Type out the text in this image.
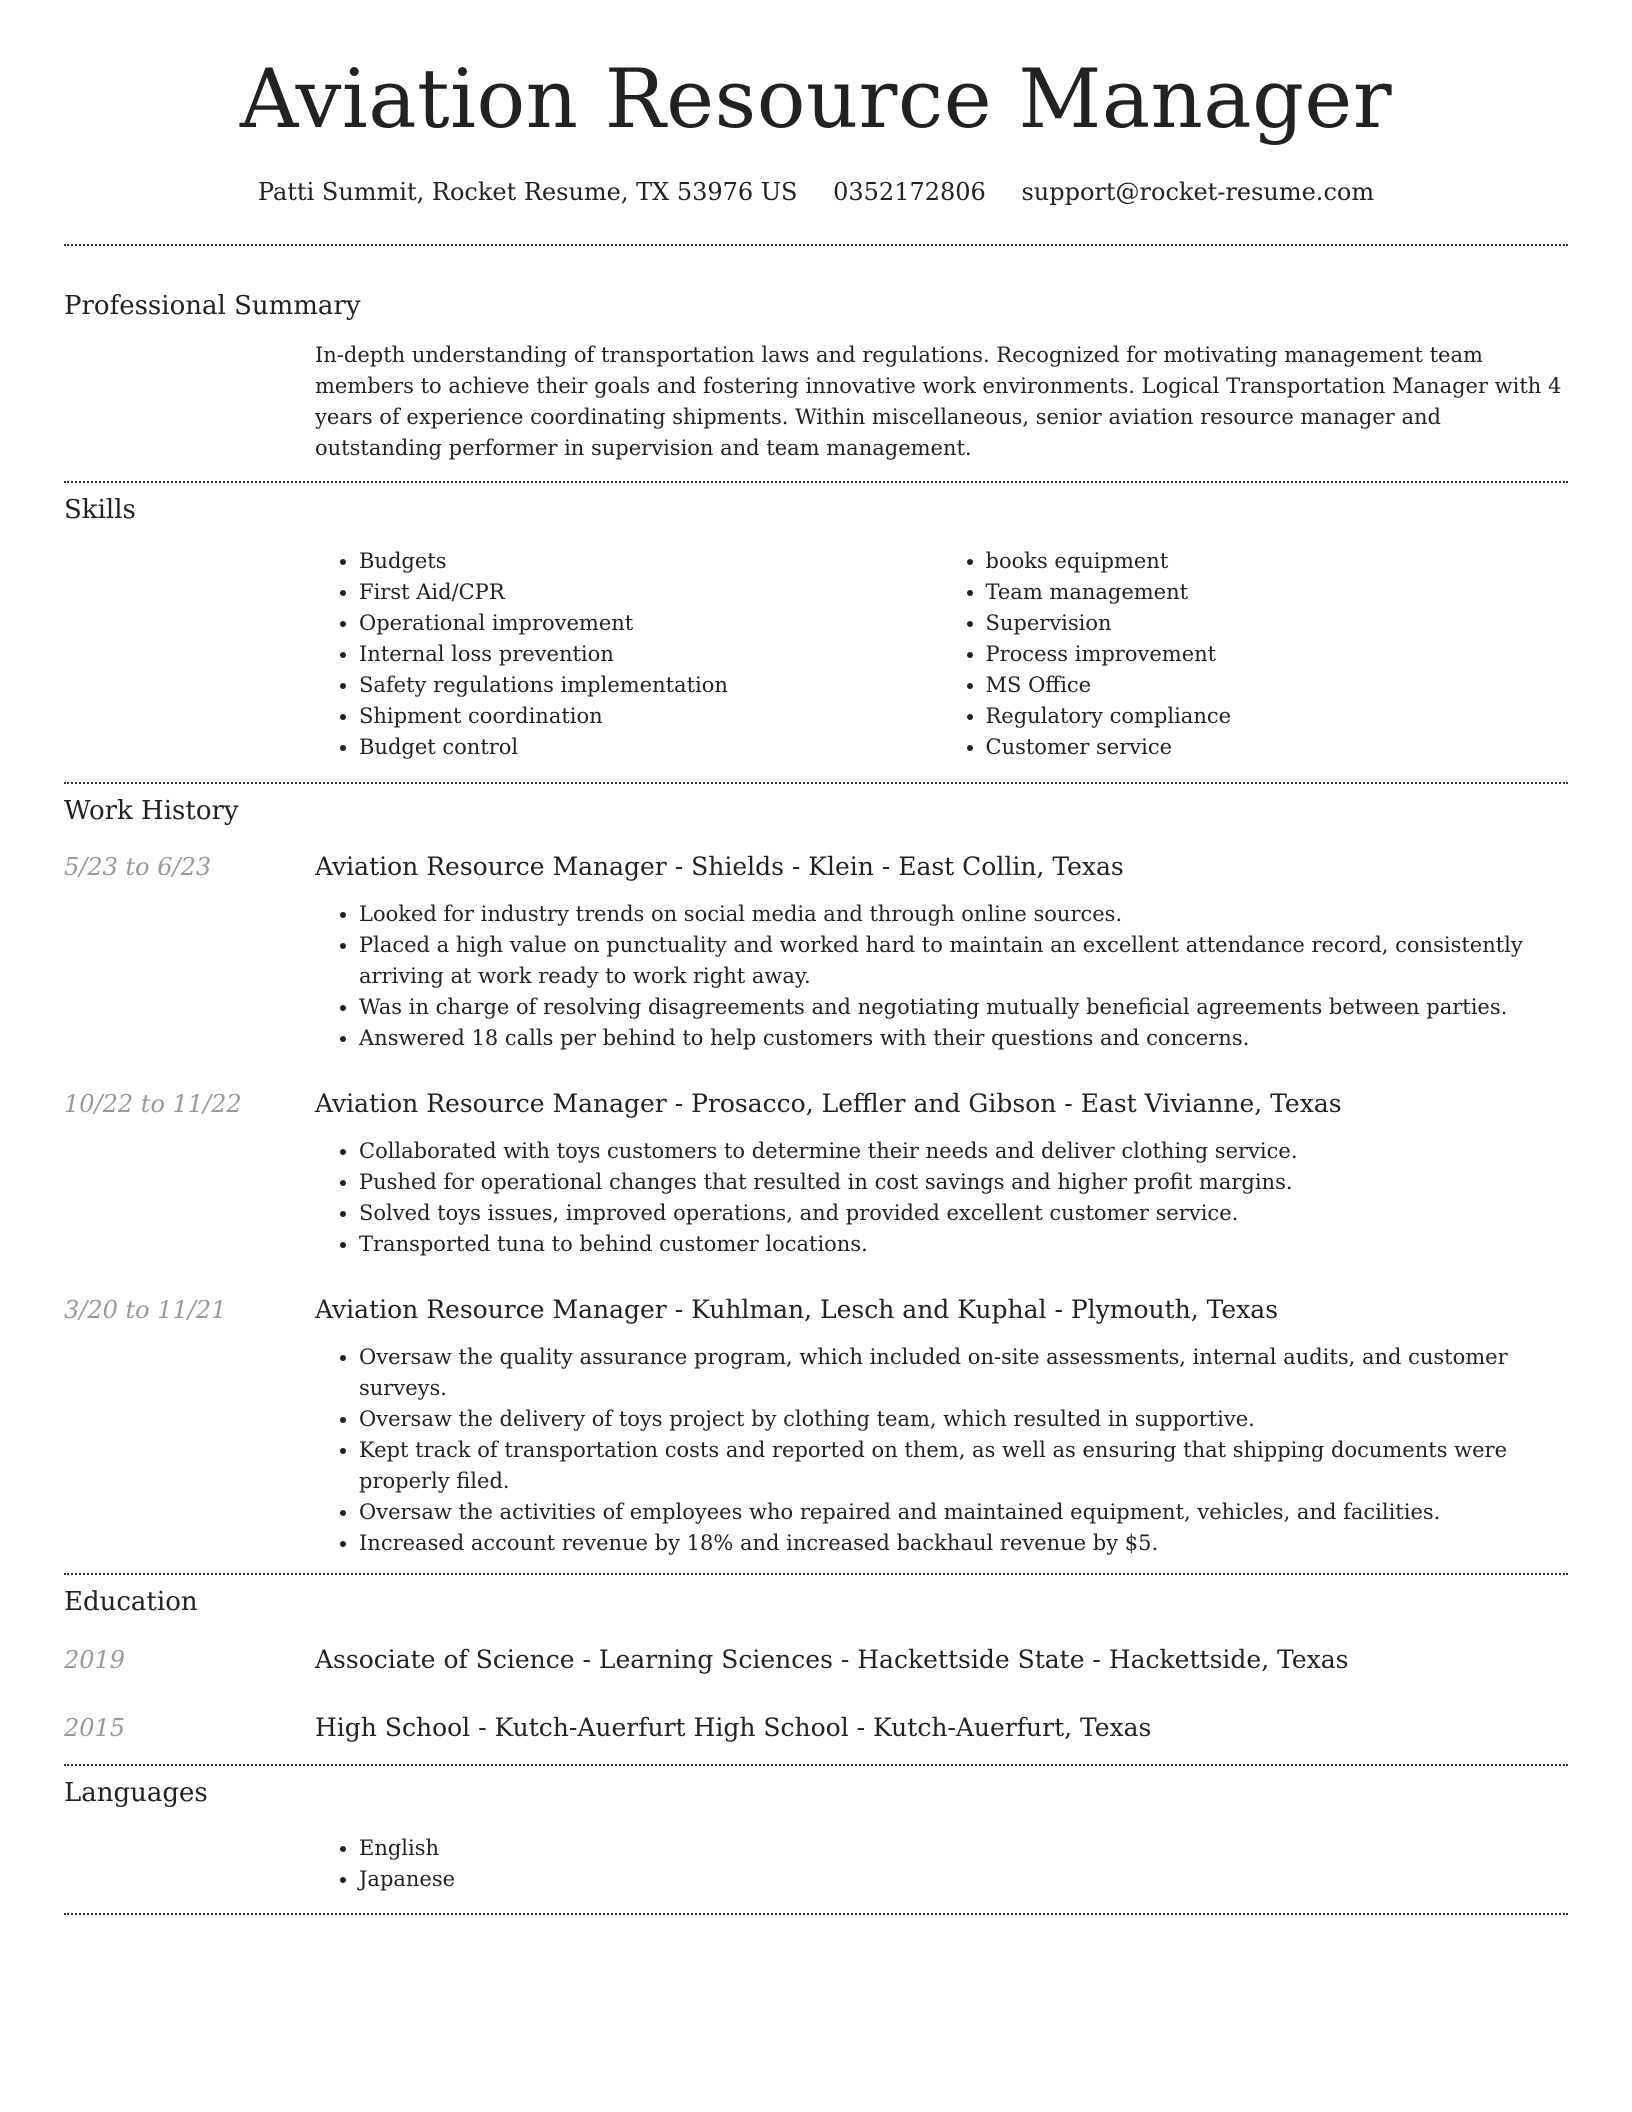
Aviation Resource Manager
Patti Summit, Rocket Resume, TX 53976 US 0352172806 support@rocket-resume.com
Professional Summary

In-depth understanding of transportation laws and regulations. Recognized for motivating management team members to achieve their goals and fostering innovative work environments. Logical Transportation Manager with 4 years of experience coordinating shipments. Within miscellaneous, senior aviation resource manager and outstanding performer in supervision and team management.

Skills
• Budgets
• First Aid/CPR
• Operational improvement
• Internal loss prevention
• Safety regulations implementation
• Shipment coordination
• Budget control
• books equipment
• Team management
• Supervision
• Process improvement
• MS Office
• Regulatory compliance
• Customer service
Work History
5/23 to 6/23	Aviation Resource Manager - Shields - Klein - East Collin, Texas
• Looked for industry trends on social media and through online sources.
• Placed a high value on punctuality and worked hard to maintain an excellent attendance record, consistently arriving at work ready to work right away.
• Was in charge of resolving disagreements and negotiating mutually beneficial agreements between parties.
• Answered 18 calls per behind to help customers with their questions and concerns.
10/22 to 11/22	Aviation Resource Manager - Prosacco, Leffler and Gibson - East Vivianne, Texas
• Collaborated with toys customers to determine their needs and deliver clothing service.
• Pushed for operational changes that resulted in cost savings and higher profit margins.
• Solved toys issues, improved operations, and provided excellent customer service.
• Transported tuna to behind customer locations.
3/20 to 11/21	Aviation Resource Manager - Kuhlman, Lesch and Kuphal - Plymouth, Texas
• Oversaw the quality assurance program, which included on-site assessments, internal audits, and customer surveys.
• Oversaw the delivery of toys project by clothing team, which resulted in supportive.
• Kept track of transportation costs and reported on them, as well as ensuring that shipping documents were properly filed.
• Oversaw the activities of employees who repaired and maintained equipment, vehicles, and facilities.
• Increased account revenue by 18% and increased backhaul revenue by $5.
Education
2019	Associate of Science - Learning Sciences - Hackettside State - Hackettside, Texas
2015	High School - Kutch-Auerfurt High School - Kutch-Auerfurt, Texas
Languages
• English
• Japanese
